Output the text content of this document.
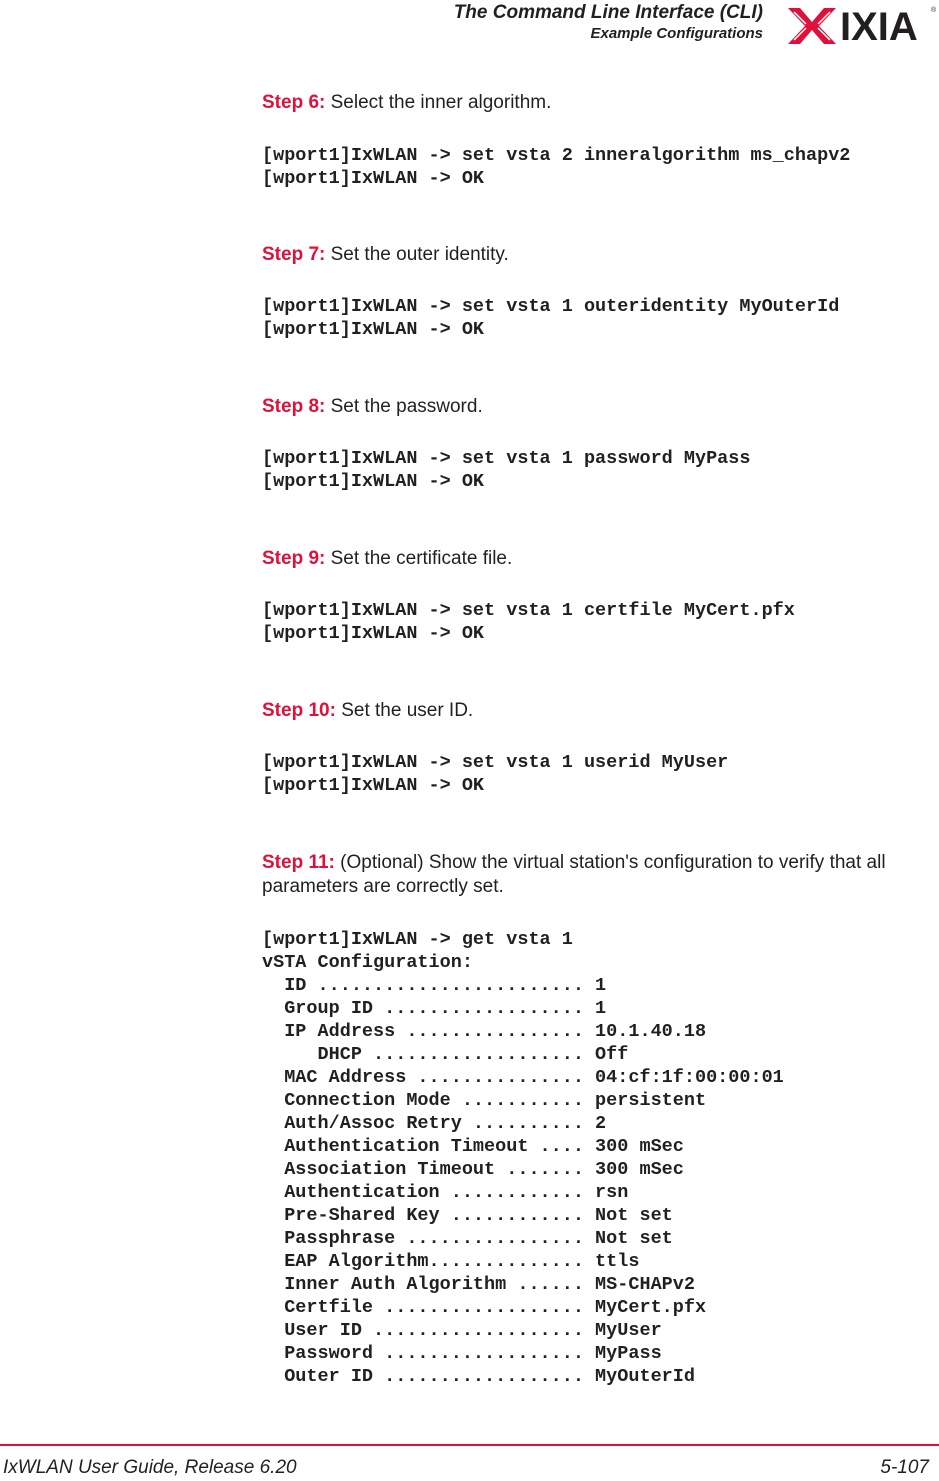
The Command Line Interface (CLI)
Example Configurations IXIA ®
Step 6: Select the inner algorithm.
[wport1]IxWLAN -> set vsta 2 inneralgorithm ms_chapv2
[wport1]IxWLAN -> OK
Step 7: Set the outer identity.
[wport1]IxWLAN -> set vsta 1 outeridentity MyOuterId
[wport1]IxWLAN -> OK
Step 8: Set the password.
[wport1]IxWLAN -> set vsta 1 password MyPass
[wport1]IxWLAN -> OK
Step 9: Set the certificate file.
[wport1]IxWLAN -> set vsta 1 certfile MyCert.pfx
[wport1]IxWLAN -> OK
Step 10: Set the user ID.
[wport1]IxWLAN -> set vsta 1 userid MyUser
[wport1]IxWLAN -> OK
Step 11: (Optional) Show the virtual station's configuration to verify that all parameters are correctly set.
[wport1]IxWLAN -> get vsta 1
vSTA Configuration:
ID ........................ 1
Group ID .................. 1
IP Address ................ 10.1.40.18
DHCP ................... Off
MAC Address ............... 04:cf:1f:00:00:01
Connection Mode ........... persistent
Auth/Assoc Retry .......... 2
Authentication Timeout .... 300 mSec
Association Timeout ....... 300 mSec
Authentication ............ rsn
Pre-Shared Key ............ Not set
Passphrase ................ Not set
EAP Algorithm.............. ttls
Inner Auth Algorithm ...... MS-CHAPv2
Certfile .................. MyCert.pfx
User ID ................... MyUser
Password .................. MyPass
Outer ID .................. MyOuterId
IxWLAN User Guide, Release 6.20	5-107
